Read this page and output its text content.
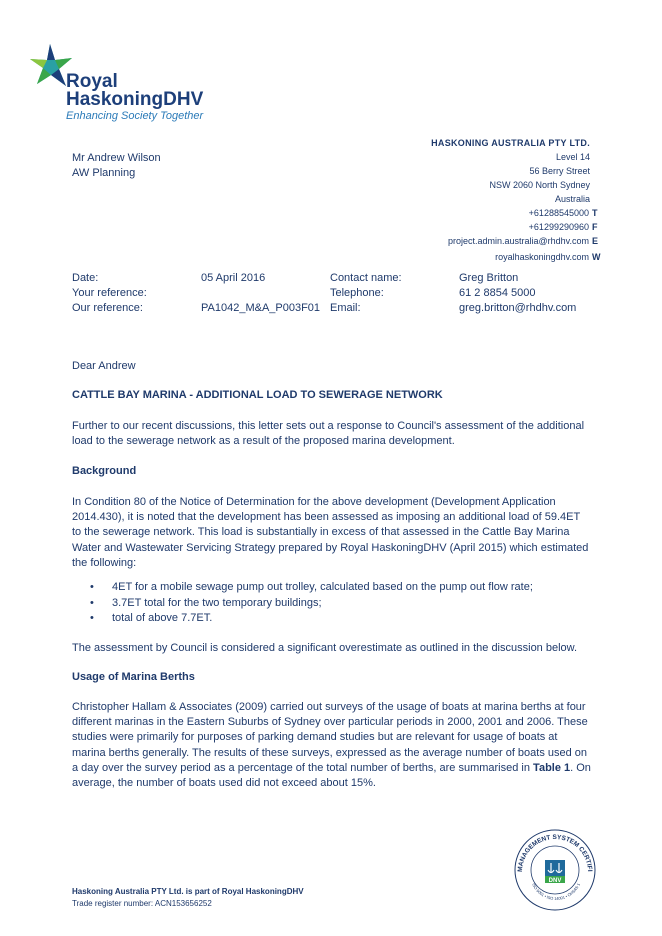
Royal
HaskoningDHV
Enhancing Society Together
HASKONING AUSTRALIA PTY LTD.
Level 14
56 Berry Street
NSW 2060 North Sydney
Australia
+61288545000 T
+61299290960 F
project.admin.australia@rhdhv.com E
royalhaskoningdhv.com W
Mr Andrew Wilson
AW Planning
Date:
Your reference:
Our reference:
05 April 2016
PA1042_M&A_P003F01
Contact name:
Telephone:
Email:
Greg Britton
61 2 8854 5000
greg.britton@rhdhv.com
Dear Andrew
CATTLE BAY MARINA - ADDITIONAL LOAD TO SEWERAGE NETWORK
Further to our recent discussions, this letter sets out a response to Council's assessment of the additional load to the sewerage network as a result of the proposed marina development.
Background
In Condition 80 of the Notice of Determination for the above development (Development Application 2014.430), it is noted that the development has been assessed as imposing an additional load of 59.4ET to the sewerage network. This load is substantially in excess of that assessed in the Cattle Bay Marina Water and Wastewater Servicing Strategy prepared by Royal HaskoningDHV (April 2015) which estimated the following:
• 4ET for a mobile sewage pump out trolley, calculated based on the pump out flow rate;
• 3.7ET total for the two temporary buildings;
• total of above 7.7ET.
The assessment by Council is considered a significant overestimate as outlined in the discussion below.
Usage of Marina Berths
Christopher Hallam & Associates (2009) carried out surveys of the usage of boats at marina berths at four different marinas in the Eastern Suburbs of Sydney over particular periods in 2000, 2001 and 2006. These studies were primarily for purposes of parking demand studies but are relevant for usage of boats at marina berths generally. The results of these surveys, expressed as the average number of boats used on a day over the survey period as a percentage of the total number of berths, are summarised in Table 1. On average, the number of boats used did not exceed about 15%.
Haskoning Australia PTY Ltd. is part of Royal HaskoningDHV
Trade register number: ACN153656252
MANAGEMENT SYSTEM CERTIFI
ISO 9001 • ISO 14001 • OHSAS 1
DNV
